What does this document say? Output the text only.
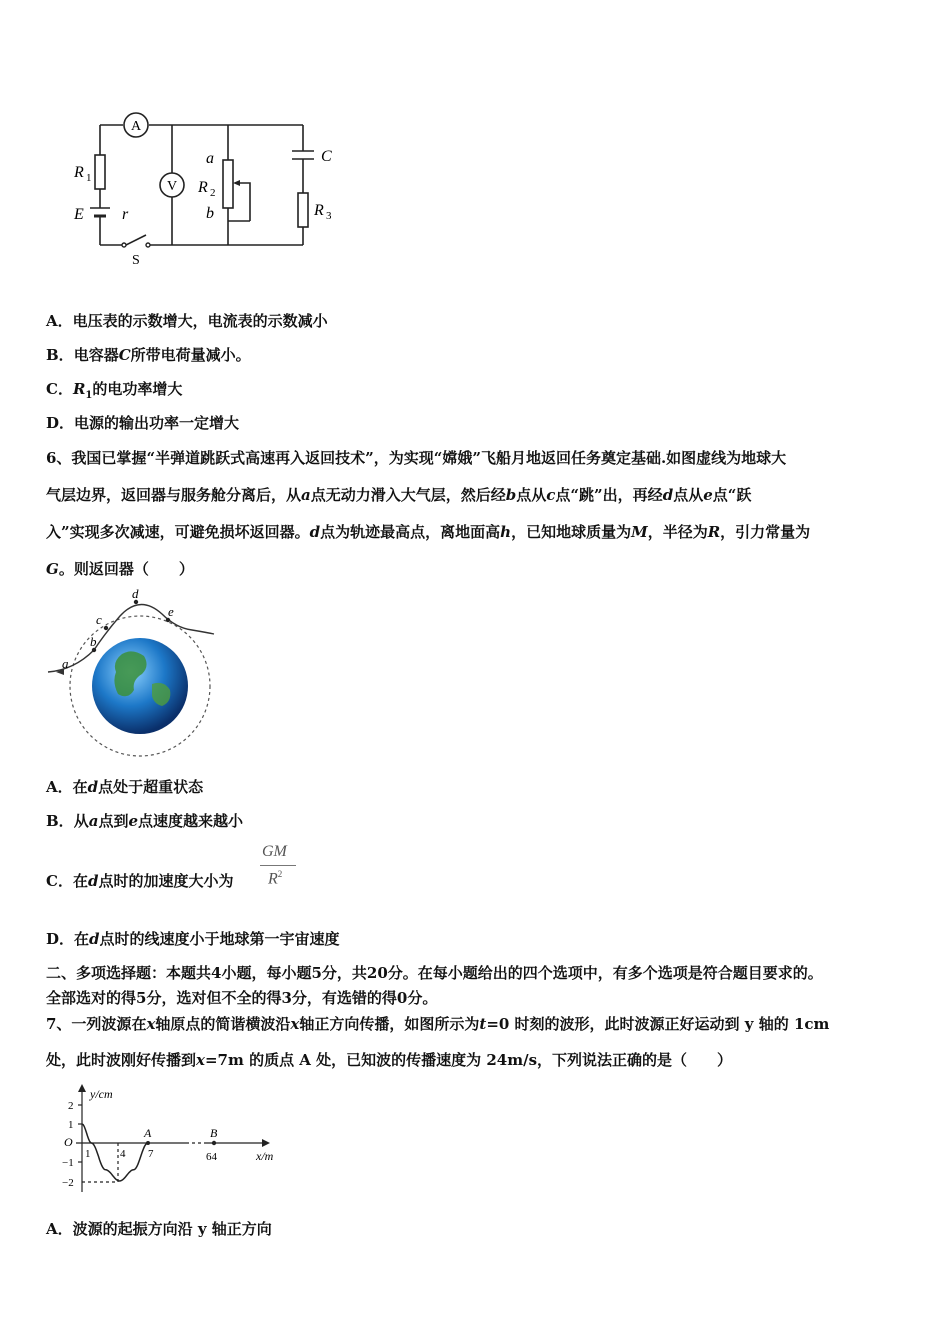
A
V
R 1
E r
S
a
R 2
b
C
R 3
A．电压表的示数增大，电流表的示数减小
B．电容器C所带电荷量减小。
C．$R_1$的电功率增大
D．电源的输出功率一定增大
6、我国已掌握“半弹道跳跃式高速再入返回技术”，为实现“嫦娥”飞船月地返回任务奠定基础.如图虚线为地球大
气层边界，返回器与服务舱分离后，从a点无动力滑入大气层，然后经b点从c点“跳”出，再经d点从e点“跃
入”实现多次减速，可避免损坏返回器。d点为轨迹最高点，离地面高h，已知地球质量为M，半径为R，引力常量为
G。则返回器（　　）
a
b
c
d
e
A．在d点处于超重状态
B．从a点到e点速度越来越小
C．在d点时的加速度大小为
GM
$R^2$
D．在d点时的线速度小于地球第一宇宙速度
二、多项选择题：本题共4小题，每小题5分，共20分。在每小题给出的四个选项中，有多个选项是符合题目要求的。
全部选对的得5分，选对但不全的得3分，有选错的得0分。
7、一列波源在x轴原点的简谐横波沿x轴正方向传播，如图所示为t=0 时刻的波形，此时波源正好运动到 y 轴的 1cm
处，此时波刚好传播到x=7m 的质点 A 处，已知波的传播速度为 24m/s，下列说法正确的是（　　）
y/cm
x/m
2
1
−1
−2
O
1	4 7	64
A	B
A．波源的起振方向沿 y 轴正方向
